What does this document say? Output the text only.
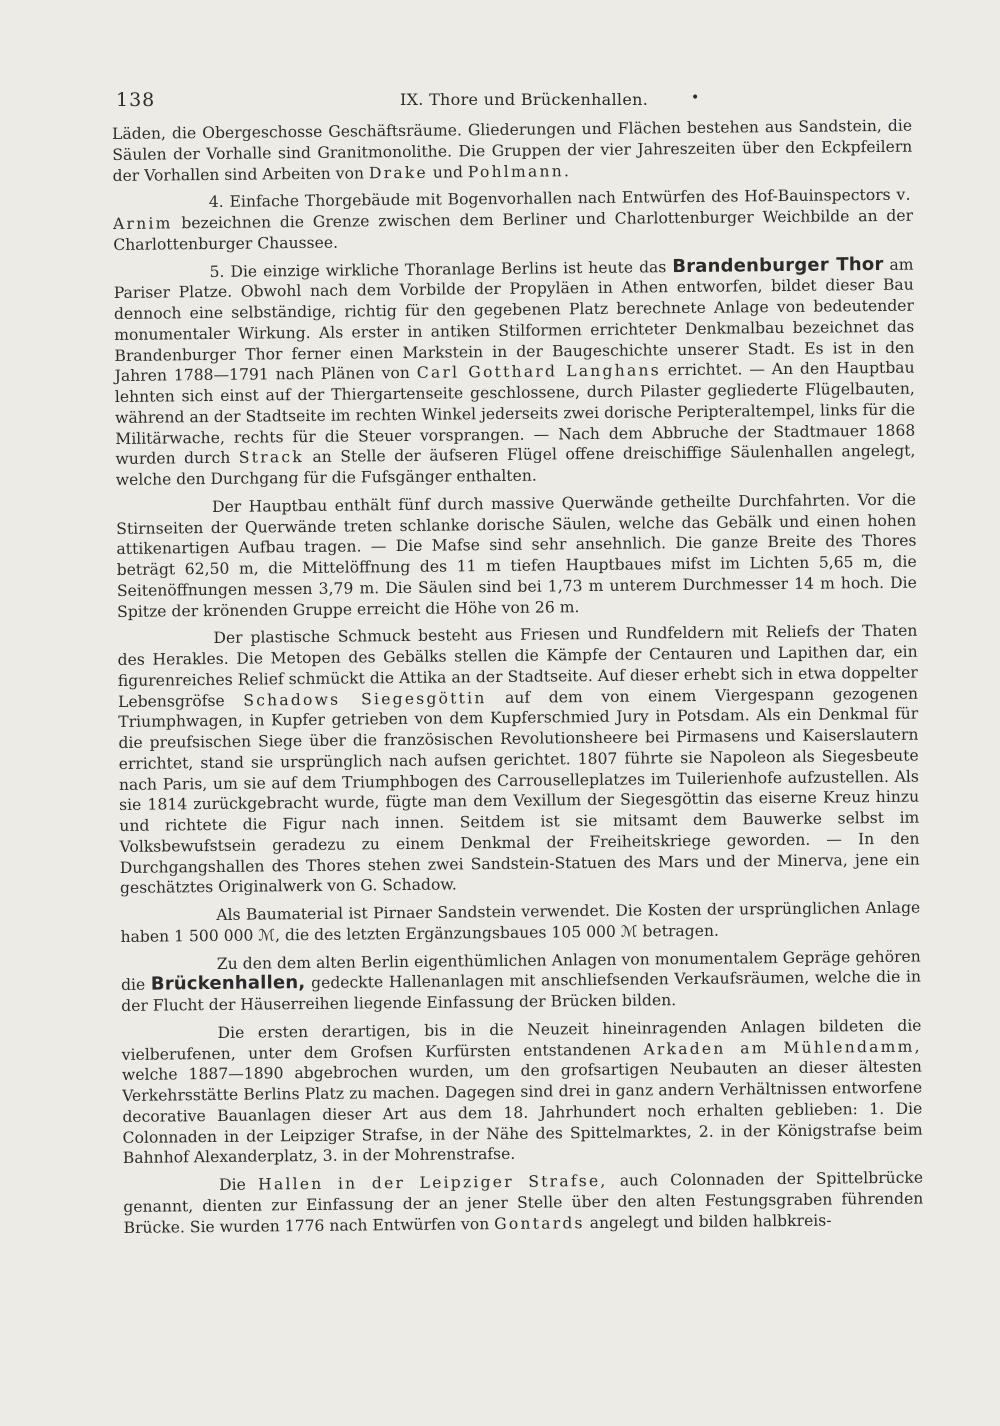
138	IX. Thore und Brückenhallen.	•

Läden, die Obergeschosse Geschäftsräume. Gliederungen und Flächen bestehen aus Sandstein, die Säulen der Vorhalle sind Granitmonolithe. Die Gruppen der vier Jahreszeiten über den Eckpfeilern der Vorhallen sind Arbeiten von Drake und Pohlmann.

4. Einfache Thorgebäude mit Bogenvorhallen nach Entwürfen des Hof-Bauinspectors v. Arnim bezeichnen die Grenze zwischen dem Berliner und Charlottenburger Weichbilde an der Charlottenburger Chaussee.

5. Die einzige wirkliche Thoranlage Berlins ist heute das Brandenburger Thor am Pariser Platze. Obwohl nach dem Vorbilde der Propyläen in Athen entworfen, bildet dieser Bau dennoch eine selbständige, richtig für den gegebenen Platz berechnete Anlage von bedeutender monumentaler Wirkung. Als erster in antiken Stilformen errichteter Denkmalbau bezeichnet das Brandenburger Thor ferner einen Markstein in der Baugeschichte unserer Stadt. Es ist in den Jahren 1788—1791 nach Plänen von Carl Gotthard Langhans errichtet. — An den Hauptbau lehnten sich einst auf der Thiergartenseite geschlossene, durch Pilaster gegliederte Flügelbauten, während an der Stadtseite im rechten Winkel jederseits zwei dorische Peripteraltempel, links für die Militärwache, rechts für die Steuer vorsprangen. — Nach dem Abbruche der Stadtmauer 1868 wurden durch Strack an Stelle der äufseren Flügel offene dreischiffige Säulenhallen angelegt, welche den Durchgang für die Fufsgänger enthalten.

Der Hauptbau enthält fünf durch massive Querwände getheilte Durchfahrten. Vor die Stirnseiten der Querwände treten schlanke dorische Säulen, welche das Gebälk und einen hohen attikenartigen Aufbau tragen. — Die Mafse sind sehr ansehnlich. Die ganze Breite des Thores beträgt 62,50 m, die Mittelöffnung des 11 m tiefen Hauptbaues mifst im Lichten 5,65 m, die Seitenöffnungen messen 3,79 m. Die Säulen sind bei 1,73 m unterem Durchmesser 14 m hoch. Die Spitze der krönenden Gruppe erreicht die Höhe von 26 m.

Der plastische Schmuck besteht aus Friesen und Rundfeldern mit Reliefs der Thaten des Herakles. Die Metopen des Gebälks stellen die Kämpfe der Centauren und Lapithen dar, ein figurenreiches Relief schmückt die Attika an der Stadtseite. Auf dieser erhebt sich in etwa doppelter Lebensgröfse Schadows Siegesgöttin auf dem von einem Viergespann gezogenen Triumphwagen, in Kupfer getrieben von dem Kupferschmied Jury in Potsdam. Als ein Denkmal für die preufsischen Siege über die französischen Revolutionsheere bei Pirmasens und Kaiserslautern errichtet, stand sie ursprünglich nach aufsen gerichtet. 1807 führte sie Napoleon als Siegesbeute nach Paris, um sie auf dem Triumphbogen des Carrouselleplatzes im Tuilerienhofe aufzustellen. Als sie 1814 zurückgebracht wurde, fügte man dem Vexillum der Siegesgöttin das eiserne Kreuz hinzu und richtete die Figur nach innen. Seitdem ist sie mitsamt dem Bauwerke selbst im Volksbewufstsein geradezu zu einem Denkmal der Freiheitskriege geworden. — In den Durchgangshallen des Thores stehen zwei Sandstein-Statuen des Mars und der Minerva, jene ein geschätztes Originalwerk von G. Schadow.

Als Baumaterial ist Pirnaer Sandstein verwendet. Die Kosten der ursprünglichen Anlage haben 1 500 000 ℳ, die des letzten Ergänzungsbaues 105 000 ℳ betragen.

Zu den dem alten Berlin eigenthümlichen Anlagen von monumentalem Gepräge gehören die Brückenhallen, gedeckte Hallenanlagen mit anschliefsenden Verkaufsräumen, welche die in der Flucht der Häuserreihen liegende Einfassung der Brücken bilden.

Die ersten derartigen, bis in die Neuzeit hineinragenden Anlagen bildeten die vielberufenen, unter dem Grofsen Kurfürsten entstandenen Arkaden am Mühlendamm, welche 1887—1890 abgebrochen wurden, um den grofsartigen Neubauten an dieser ältesten Verkehrsstätte Berlins Platz zu machen. Dagegen sind drei in ganz andern Verhältnissen entworfene decorative Bauanlagen dieser Art aus dem 18. Jahrhundert noch erhalten geblieben: 1. Die Colonnaden in der Leipziger Strafse, in der Nähe des Spittelmarktes, 2. in der Königstrafse beim Bahnhof Alexanderplatz, 3. in der Mohrenstrafse.

Die Hallen in der Leipziger Strafse, auch Colonnaden der Spittelbrücke genannt, dienten zur Einfassung der an jener Stelle über den alten Festungsgraben führenden Brücke. Sie wurden 1776 nach Entwürfen von Gontards angelegt und bilden halbkreis-
